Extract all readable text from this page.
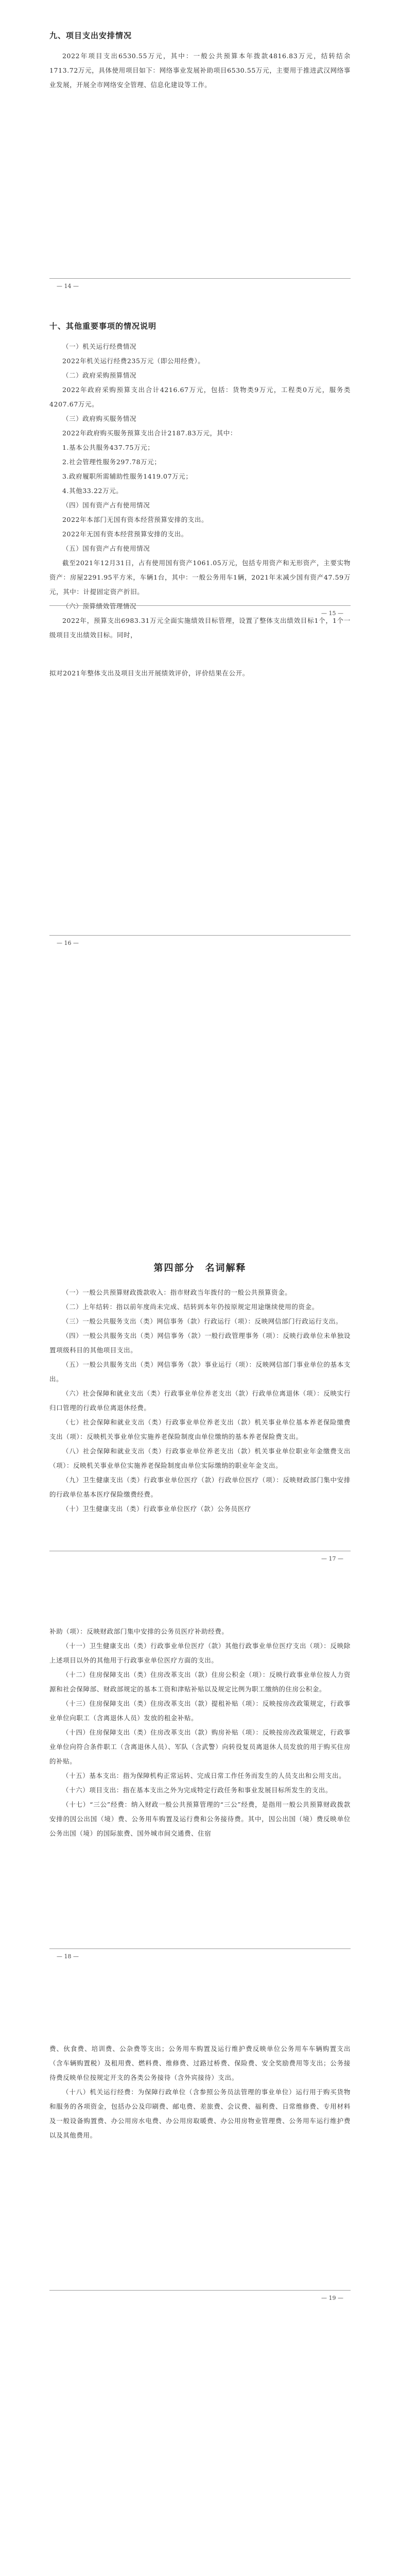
九、项目支出安排情况

2022年项目支出6530.55万元，其中：一般公共预算本年拨款4816.83万元，结转结余1713.72万元，具体使用项目如下：网络事业发展补助项目6530.55万元，主要用于推进武汉网络事业发展，开展全市网络安全管理、信息化建设等工作。

— 14 —
十、其他重要事项的情况说明

（一）机关运行经费情况

2022年机关运行经费235万元（即公用经费）。

（二）政府采购预算情况

2022年政府采购预算支出合计4216.67万元，包括：货物类9万元，工程类0万元，服务类4207.67万元。

（三）政府购买服务情况

2022年政府购买服务预算支出合计2187.83万元，其中：

1.基本公共服务437.75万元；

2.社会管理性服务297.78万元；

3.政府履职所需辅助性服务1419.07万元；

4.其他33.22万元。

（四）国有资产占有使用情况

2022年本部门无国有资本经营预算安排的支出。

2022年无国有资本经营预算安排的支出。

（五）国有资产占有使用情况

截至2021年12月31日，占有使用国有资产1061.05万元，包括专用资产和无形资产，主要实物资产：房屋2291.95平方米，车辆1台，其中：一般公务用车1辆，2021年末减少国有资产47.59万元，其中：计提固定资产折旧。

（六）预算绩效管理情况

2022年，预算支出6983.31万元全面实施绩效目标管理，设置了整体支出绩效目标1个，1个一级项目支出绩效目标。同时，

— 15 —

拟对2021年整体支出及项目支出开展绩效评价，评价结果在公开。

— 16 —
第四部分　名词解释

（一）一般公共预算财政拨款收入：指市财政当年拨付的一般公共预算资金。

（二）上年结转：指以前年度尚未完成、结转到本年仍按原规定用途继续使用的资金。

（三）一般公共服务支出（类）网信事务（款）行政运行（项）：反映网信部门行政运行支出。

（四）一般公共服务支出（类）网信事务（款）一般行政管理事务（项）：反映行政单位未单独设置项级科目的其他项目支出。

（五）一般公共服务支出（类）网信事务（款）事业运行（项）：反映网信部门事业单位的基本支出。

（六）社会保障和就业支出（类）行政事业单位养老支出（款）行政单位离退休（项）：反映实行归口管理的行政单位离退休经费。

（七）社会保障和就业支出（类）行政事业单位养老支出（款）机关事业单位基本养老保险缴费支出（项）：反映机关事业单位实施养老保险制度由单位缴纳的基本养老保险费支出。

（八）社会保障和就业支出（类）行政事业单位养老支出（款）机关事业单位职业年金缴费支出（项）：反映机关事业单位实施养老保险制度由单位实际缴纳的职业年金支出。

（九）卫生健康支出（类）行政事业单位医疗（款）行政单位医疗（项）：反映财政部门集中安排的行政单位基本医疗保险缴费经费。

（十）卫生健康支出（类）行政事业单位医疗（款）公务员医疗

— 17 —

补助（项）：反映财政部门集中安排的公务员医疗补助经费。

（十一）卫生健康支出（类）行政事业单位医疗（款）其他行政事业单位医疗支出（项）：反映除上述项目以外的其他用于行政事业单位医疗方面的支出。

（十二）住房保障支出（类）住房改革支出（款）住房公积金（项）：反映行政事业单位按人力资源和社会保障部、财政部规定的基本工资和津贴补贴以及规定比例为职工缴纳的住房公积金。

（十三）住房保障支出（类）住房改革支出（款）提租补贴（项）：反映按房改政策规定，行政事业单位向职工（含离退休人员）发放的租金补贴。

（十四）住房保障支出（类）住房改革支出（款）购房补贴（项）：反映按房改政策规定，行政事业单位向符合条件职工（含离退休人员）、军队（含武警）向转役复员离退休人员发放的用于购买住房的补贴。

（十五）基本支出：指为保障机构正常运转、完成日常工作任务而发生的人员支出和公用支出。

（十六）项目支出：指在基本支出之外为完成特定行政任务和事业发展目标所发生的支出。

（十七）“三公”经费：纳入财政一般公共预算管理的“三公”经费，是指用一般公共预算财政拨款安排的因公出国（境）费、公务用车购置及运行费和公务接待费。其中，因公出国（境）费反映单位公务出国（境）的国际旅费、国外城市间交通费、住宿

— 18 —

费、伙食费、培训费、公杂费等支出；公务用车购置及运行维护费反映单位公务用车车辆购置支出（含车辆购置税）及租用费、燃料费、维修费、过路过桥费、保险费、安全奖励费用等支出；公务接待费反映单位按规定开支的各类公务接待（含外宾接待）支出。

（十八）机关运行经费：为保障行政单位（含参照公务员法管理的事业单位）运行用于购买货物和服务的各项资金，包括办公及印刷费、邮电费、差旅费、会议费、福利费、日常维修费、专用材料及一般设备购置费、办公用房水电费、办公用房取暖费、办公用房物业管理费、公务用车运行维护费以及其他费用。

— 19 —
